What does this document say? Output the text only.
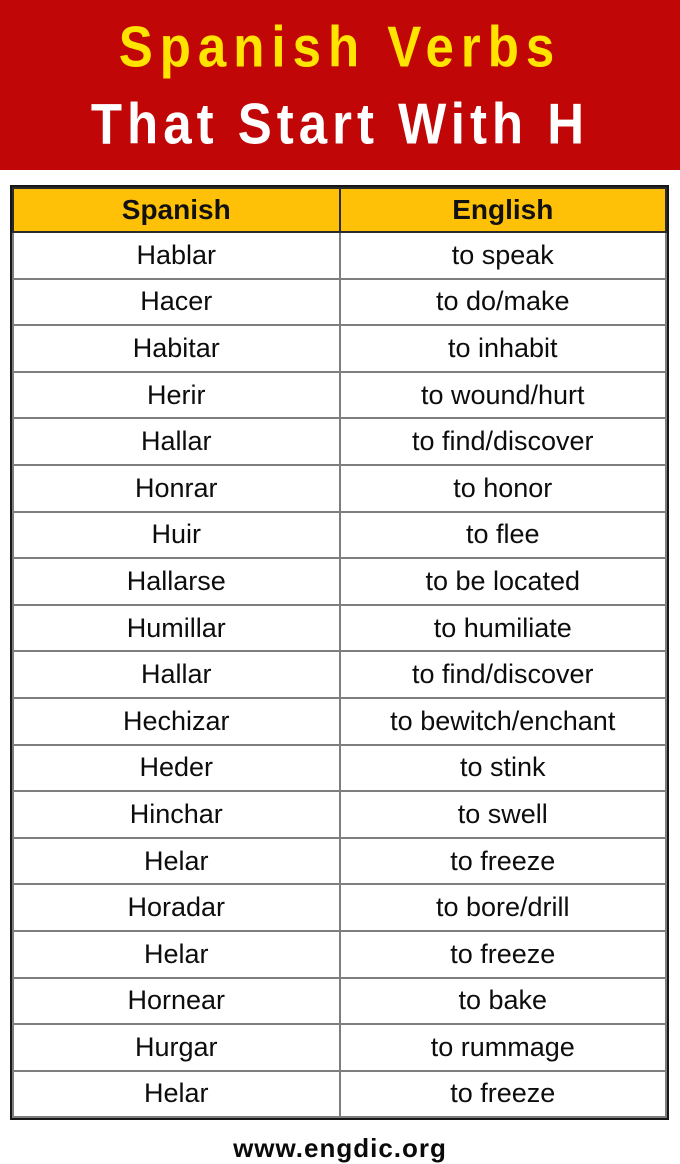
Spanish Verbs
That Start With H
Spanish	English
Hablar	to speak
Hacer	to do/make
Habitar	to inhabit
Herir	to wound/hurt
Hallar	to find/discover
Honrar	to honor
Huir	to flee
Hallarse	to be located
Humillar	to humiliate
Hallar	to find/discover
Hechizar	to bewitch/enchant
Heder	to stink
Hinchar	to swell
Helar	to freeze
Horadar	to bore/drill
Helar	to freeze
Hornear	to bake
Hurgar	to rummage
Helar	to freeze
www.engdic.org
